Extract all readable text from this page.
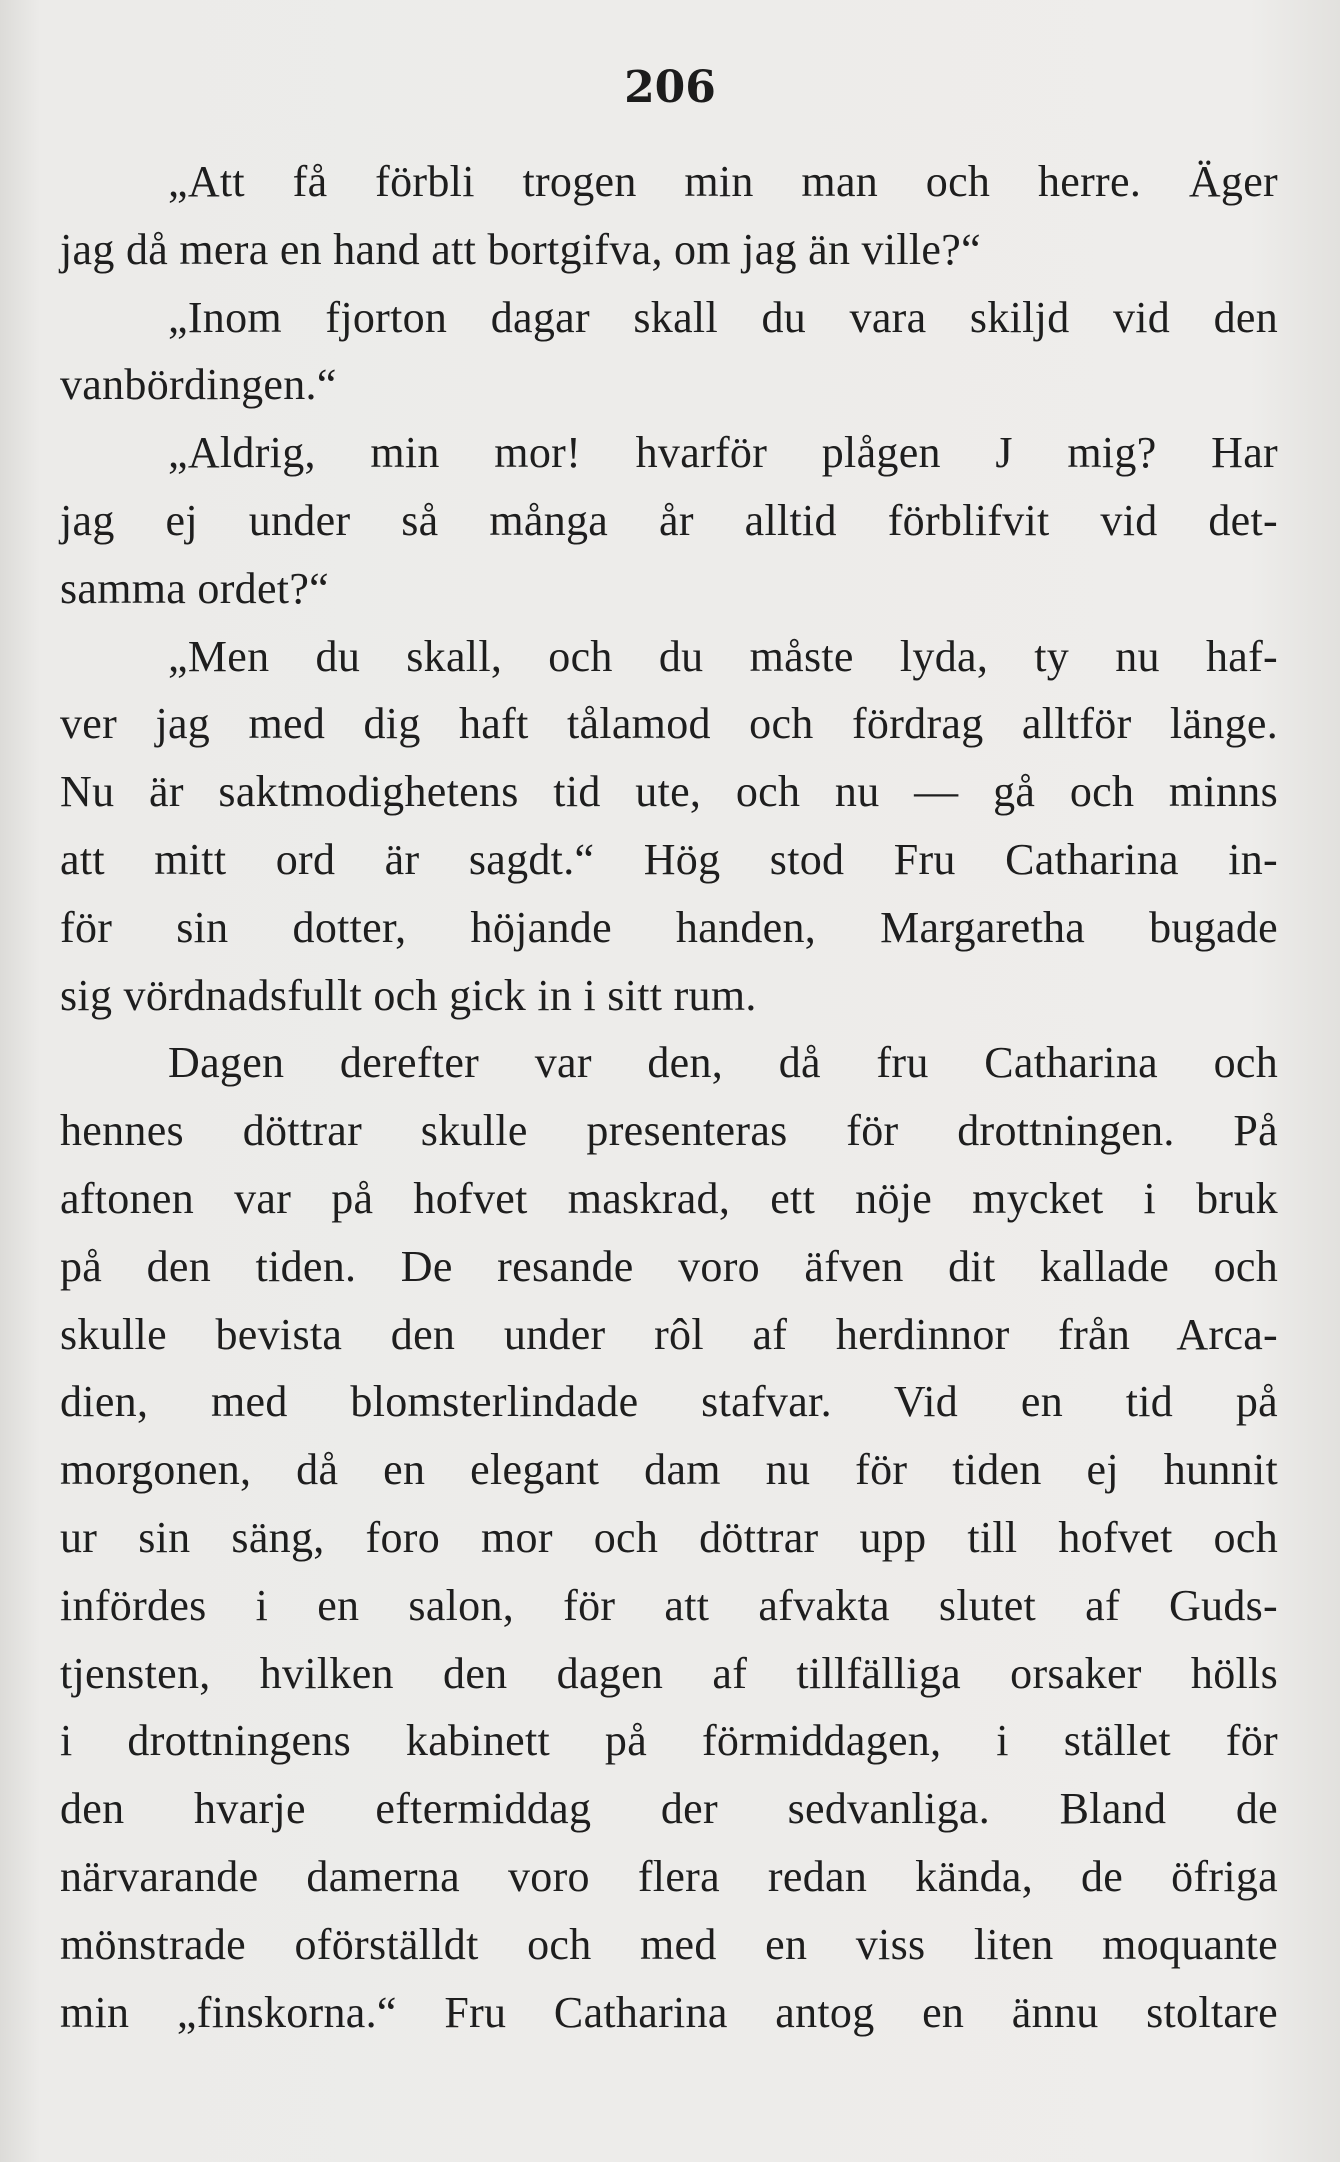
206
„Att få förbli trogen min man och herre. Äger
jag då mera en hand att bortgifva, om jag än ville?“
„Inom fjorton dagar skall du vara skiljd vid den
vanbördingen.“
„Aldrig, min mor! hvarför plågen J mig? Har
jag ej under så många år alltid förblifvit vid det-
samma ordet?“
„Men du skall, och du måste lyda, ty nu haf-
ver jag med dig haft tålamod och fördrag alltför länge.
Nu är saktmodighetens tid ute, och nu — gå och minns
att mitt ord är sagdt.“ Hög stod Fru Catharina in-
för sin dotter, höjande handen, Margaretha bugade
sig vördnadsfullt och gick in i sitt rum.
Dagen derefter var den, då fru Catharina och
hennes döttrar skulle presenteras för drottningen. På
aftonen var på hofvet maskrad, ett nöje mycket i bruk
på den tiden. De resande voro äfven dit kallade och
skulle bevista den under rôl af herdinnor från Arca-
dien, med blomsterlindade stafvar. Vid en tid på
morgonen, då en elegant dam nu för tiden ej hunnit
ur sin säng, foro mor och döttrar upp till hofvet och
infördes i en salon, för att afvakta slutet af Guds-
tjensten, hvilken den dagen af tillfälliga orsaker hölls
i drottningens kabinett på förmiddagen, i stället för
den hvarje eftermiddag der sedvanliga. Bland de
närvarande damerna voro flera redan kända, de öfriga
mönstrade oförställdt och med en viss liten moquante
min „finskorna.“ Fru Catharina antog en ännu stoltare
